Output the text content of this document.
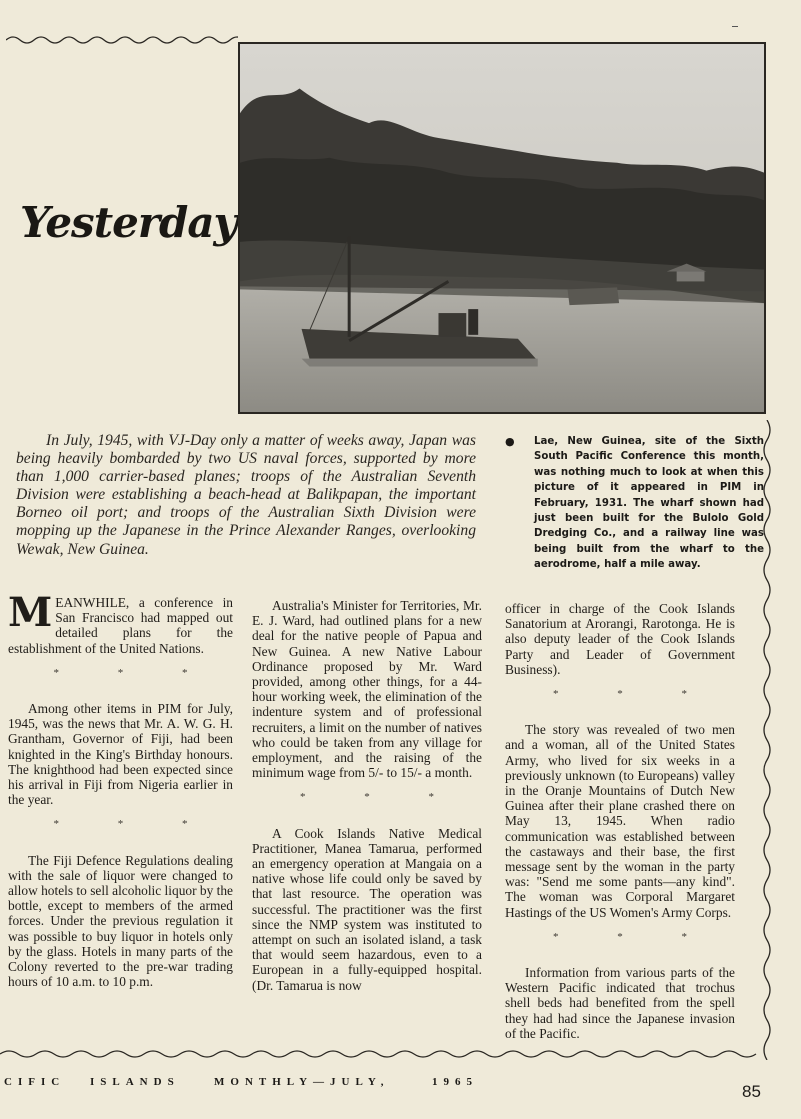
Yesterday

In July, 1945, with VJ-Day only a matter of weeks away, Japan was being heavily bombarded by two US naval forces, supported by more than 1,000 carrier-based planes; troops of the Australian Seventh Division were establishing a beach-head at Balikpapan, the important Borneo oil port; and troops of the Australian Sixth Division were mopping up the Japanese in the Prince Alexander Ranges, overlooking Wewak, New Guinea.

●	Lae, New Guinea, site of the Sixth South Pacific Conference this month, was nothing much to look at when this picture of it appeared in PIM in February, 1931. The wharf shown had just been built for the Bulolo Gold Dredging Co., and a railway line was being built from the wharf to the aerodrome, half a mile away.

MEANWHILE, a conference in San Francisco had mapped out detailed plans for the establishment of the United Nations.

* * *

Among other items in PIM for July, 1945, was the news that Mr. A. W. G. H. Grantham, Governor of Fiji, had been knighted in the King's Birthday honours. The knighthood had been expected since his arrival in Fiji from Nigeria earlier in the year.

* * *

The Fiji Defence Regulations dealing with the sale of liquor were changed to allow hotels to sell alcoholic liquor by the bottle, except to members of the armed forces. Under the previous regulation it was possible to buy liquor in hotels only by the glass. Hotels in many parts of the Colony reverted to the pre-war trading hours of 10 a.m. to 10 p.m.

Australia's Minister for Territories, Mr. E. J. Ward, had outlined plans for a new deal for the native people of Papua and New Guinea. A new Native Labour Ordinance proposed by Mr. Ward provided, among other things, for a 44-hour working week, the elimination of the indenture system and of professional recruiters, a limit on the number of natives who could be taken from any village for employment, and the raising of the minimum wage from 5/- to 15/- a month.

* * *

A Cook Islands Native Medical Practitioner, Manea Tamarua, performed an emergency operation at Mangaia on a native whose life could only be saved by that last resource. The operation was successful. The practitioner was the first since the NMP system was instituted to attempt on such an isolated island, a task that would seem hazardous, even to a European in a fully-equipped hospital. (Dr. Tamarua is now

officer in charge of the Cook Islands Sanatorium at Arorangi, Rarotonga. He is also deputy leader of the Cook Islands Party and Leader of Government Business).

* * *

The story was revealed of two men and a woman, all of the United States Army, who lived for six weeks in a previously unknown (to Europeans) valley in the Oranje Mountains of Dutch New Guinea after their plane crashed there on May 13, 1945. When radio communication was established between the castaways and their base, the first message sent by the woman in the party was: "Send me some pants—any kind". The woman was Corporal Margaret Hastings of the US Women's Army Corps.

* * *

Information from various parts of the Western Pacific indicated that trochus shell beds had benefited from the spell they had had since the Japanese invasion of the Pacific.

CIFIC ISLANDS	MONTHLY—JULY,	1965	85
